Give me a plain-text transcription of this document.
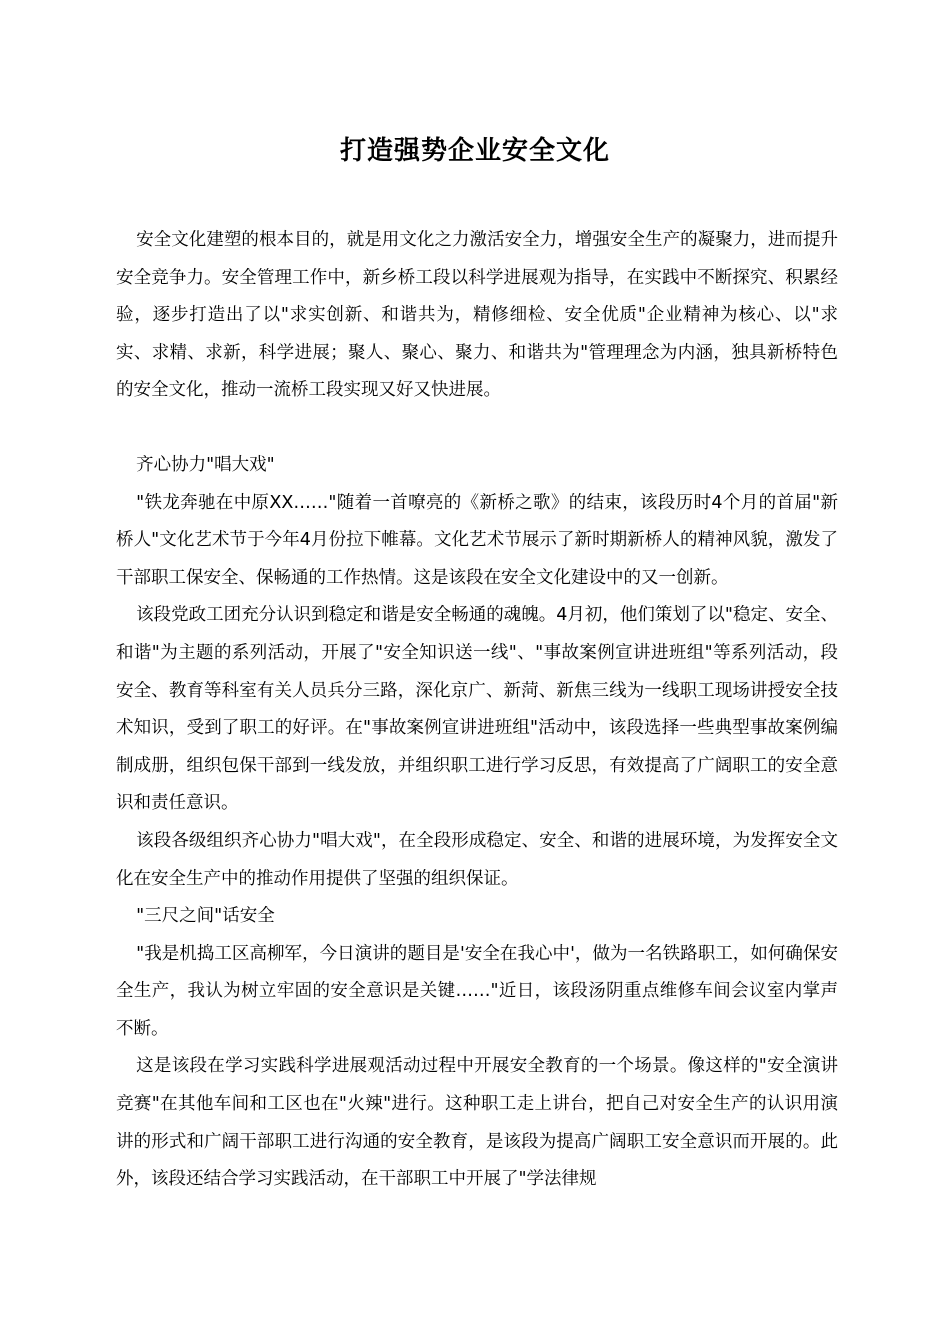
打造强势企业安全文化

安全文化建塑的根本目的，就是用文化之力激活安全力，增强安全生产的凝聚力，进而提升安全竞争力。安全管理工作中，新乡桥工段以科学进展观为指导，在实践中不断探究、积累经验，逐步打造出了以"求实创新、和谐共为，精修细检、安全优质"企业精神为核心、以"求实、求精、求新，科学进展；聚人、聚心、聚力、和谐共为"管理理念为内涵，独具新桥特色的安全文化，推动一流桥工段实现又好又快进展。

齐心协力"唱大戏"

"铁龙奔驰在中原XX……"随着一首嘹亮的《新桥之歌》的结束，该段历时4个月的首届"新桥人"文化艺术节于今年4月份拉下帷幕。文化艺术节展示了新时期新桥人的精神风貌，激发了干部职工保安全、保畅通的工作热情。这是该段在安全文化建设中的又一创新。

该段党政工团充分认识到稳定和谐是安全畅通的魂魄。4月初，他们策划了以"稳定、安全、和谐"为主题的系列活动，开展了"安全知识送一线"、"事故案例宣讲进班组"等系列活动，段安全、教育等科室有关人员兵分三路，深化京广、新菏、新焦三线为一线职工现场讲授安全技术知识，受到了职工的好评。在"事故案例宣讲进班组"活动中，该段选择一些典型事故案例编制成册，组织包保干部到一线发放，并组织职工进行学习反思，有效提高了广阔职工的安全意识和责任意识。

该段各级组织齐心协力"唱大戏"，在全段形成稳定、安全、和谐的进展环境，为发挥安全文化在安全生产中的推动作用提供了坚强的组织保证。

"三尺之间"话安全

"我是机捣工区高柳军，今日演讲的题目是'安全在我心中'，做为一名铁路职工，如何确保安全生产，我认为树立牢固的安全意识是关键……"近日，该段汤阴重点维修车间会议室内掌声不断。

这是该段在学习实践科学进展观活动过程中开展安全教育的一个场景。像这样的"安全演讲竞赛"在其他车间和工区也在"火辣"进行。这种职工走上讲台，把自己对安全生产的认识用演讲的形式和广阔干部职工进行沟通的安全教育，是该段为提高广阔职工安全意识而开展的。此外，该段还结合学习实践活动，在干部职工中开展了"学法律规
